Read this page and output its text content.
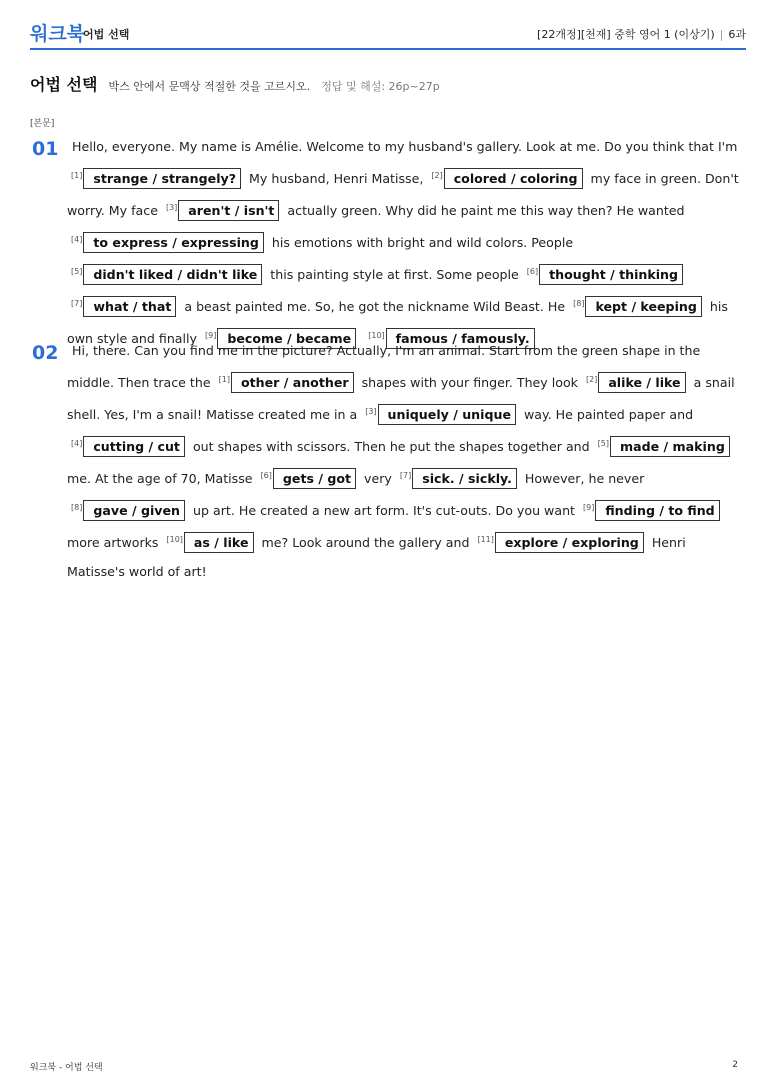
워크북
어법 선택	[22개정][천재] 중학 영어 1 (이상기) | 6과
어법 선택 박스 안에서 문맥상 적절한 것을 고르시오. 정답 및 해설: 26p~27p
[본문]
01	Hello, everyone. My name is Amélie. Welcome to my husband's gallery. Look at me. Do you think that I'm [1] strange / strangely? My husband, Henri Matisse, [2] colored / coloring my face in green. Don't worry. My face [3] aren't / isn't actually green. Why did he paint me this way then? He wanted [4] to express / expressing his emotions with bright and wild colors. People [5] didn't liked / didn't like this painting style at first. Some people [6] thought / thinking [7] what / that a beast painted me. So, he got the nickname Wild Beast. He [8] kept / keeping his own style and finally [9] become / became [10] famous / famously.

02	Hi, there. Can you find me in the picture? Actually, I'm an animal. Start from the green shape in the middle. Then trace the [1] other / another shapes with your finger. They look [2] alike / like a snail shell. Yes, I'm a snail! Matisse created me in a [3] uniquely / unique way. He painted paper and [4] cutting / cut out shapes with scissors. Then he put the shapes together and [5] made / making me. At the age of 70, Matisse [6] gets / got very [7] sick. / sickly. However, he never [8] gave / given up art. He created a new art form. It's cut-outs. Do you want [9] finding / to find more artworks [10] as / like me? Look around the gallery and [11] explore / exploring Henri Matisse's world of art!

워크북 - 어법 선택	2
